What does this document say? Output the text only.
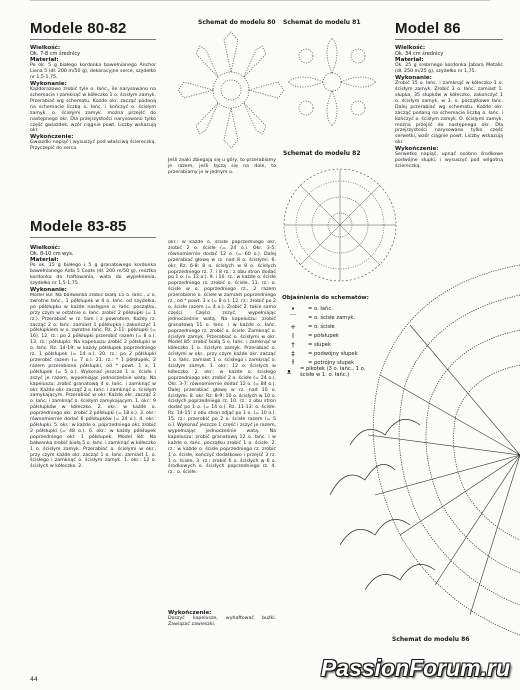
Modele 80-82
Wielkość:
Ok. 7-8 cm średnicy
Materiał:
Po ok. 5 g białego kordonka bawełnianego Anchor Liana 5 (dł. 200 m/50 g), dekoracyjne serce, szydełko nr 1,5-1,75.
Wykonanie:
Każdorazowo zrobić tyle o. łańc., ile narysowano na schemacie i zamknąć w kółeczko 1 o. ścisłym zamyk. Przerabiać wg schematu. Każde okr. zacząć podaną na schemacie liczbą o. łańc. i kończyć o. ścisłym zamyk. o. ścisłymi zamyk. można przejść do następnego okr. Dla przejrzystości narysowano tylko część gwiazdek, wzór ciągnie powt. Liczby wskazują okr.
Wykończenie:
Gwiazdki napiąć i wysuszyć pod właściwą ściereczką. Przyczepić do serca.
Modele 83-85
Wielkość:
Ok. 8-10 cm wys.
Materiał:
Po ok. 15 g białego i 5 g granatowego kordonka bawełnianego Aida 5 Coats (dł. 200 m/50 g), resztka kordonka do haftowania, wata do wypełnienia, szydełko nr 1,5-1,75.
Wykonanie:
Model 83: Na ballwanka zrobić białą 15 o. łańc., 2 o. zwrotne łańc., 1 półsłupek w 4 o. łańc. od szydełka, po półsłupku w każde następne o. łańc. początku, przy czym w ostatnie o. łańc. zrobić 2 półsłupki (= 1 rz.). Przerabiać w rz. tam i z powrotem. Każdy rz. zacząć 2 o. łańc. zamiast 1 półsłupka i zakończyć 1 półsłupkiem w o. zwrotne łańc. Rz. 2-11: półsłupki (= 16). 12. rz.: po 2 półsłupki przerobić razem (= 8 o.). 13. rz.: półsłupki. Na kapeluszu zrobić 2 półsłupki w o. łańc. Rz. 14-19: w każdy półsłupek poprzedniego rz. 1 półsłupek (= 14 o.). 20. rz.: po 2 półsłupki przerobić razem (= 7 o.). 21. rz.: * 1 półsłupek, 2 razem przerobione półsłupki, od * powt. 1 x, 1 półsłupek (= 5 o.). Wykonać jeszcze 1 o. ścisłe i zszyć je razem, wypełniając jednocześnie watą. Na kapeluszu: zrobić granatową 4 o. łańc. i zamknąć w okr. Każde okr. zacząć 2 o. łańc. i zamknąć o. ścisłym zamykającym. Przerabiać w okr. Każde okr. zacząć 2 o. łańc. i zamknąć o. ścisłym zamykającym. 1. okr.: 9 półsłupków w kółeczko. 2. okr.: w każde o. poprzedniego okr. zrobić 2 półsłupki (= 18 o.). 3. okr.: równomiernie dodać 6 półsłupków (= 24 o.). 4. okr.: półsłupki. 5. okr.: w każde o. poprzedniego okr. zrobić 2 półsłupki (= 48 o.). 6. okr.: w każdy półsłupek poprzedniego okr. 1 półsłupek. Model 84: Na bałwanka zrobić białą 5 o. łańc. i zamknąć w kółeczko 1 o. ścisłym zamyk. Przerabiać o. ścisłymi w okr., przy czym każde okr. zacząć 1 o. łańc. zamiast 1. o. ścisłego i zamknąć o. ścisłym zamyk. 1. okr.: 12 o. ścisłych w kółeczko. 2.
44
Jeśli znaki zbiegają się u góry, to przerabiamy je razem, jeśli łączą się na dole, to przerabiamy je w jednym o.
okr.: w każde o. ścisłe poprzedniego okr. zrobić 2 o. ścisłe (= 24 o.). Okr. 3-5: równomiernie dodać 12 o. (= 60 o.). Dalej przerabiać głowę w rz. nad 8 o. ścisłymi. 6. okr. Rz. 6-8: 8 o. ścisłych w 8 o. ścisłych poprzedniego rz. 7. i 8 rz.: z obu stron dodać po 1 o. (= 12 o.). 9. i 10. rz.: w każde o. ścisłe poprzedniego rz. zrobić o. ścisłe. 11. rz.: o. ścisłe w o. poprzedniego rz., 2 razem przerobione o. ścisłe w zamiast poprzedniego rz., od * powt. 3 x (= 8 o.). 12. rz.: zrobić po 2 o. ścisłe razem (= 4 o.). Zrobić 2. takie samo części. Części zszyć, wypełniając jednocześnie watą. Na kapeluszu: zrobić granatową 11 o. łańc. i w każde o. łańc. poprzedniego rz. zrobić o. ścisłe. Zamknąć o. ścisłym zamyk. Przerabiać o. ścisłymi w okr. Model 85: zrobić białą 5 o. łańc. i zamknąć w kółeczko 1 o. ścisłym zamyk. Przerabiać o. ścisłymi w okr., przy czym każde okr. zacząć 1 o. łańc. zamiast 1 o. ścisłego i zamknąć o. ścisłym zamyk. 1. okr.: 12 o. ścisłych w kółeczko. 2. okr.: w każde o. ścisłego poprzedniego okr. zrobić 2 o. ścisłe (= 24 o.). Okr. 3-7: równomiernie dodać 12 o. (= 84 o.). Dalej przerabiać głowę w rz. nad 10 o. ścisłymi. 8. okr. Rz. 8-9: 10 o. ścisłych w 10 o. ścisłych poprzedniego rz. 10. rz.: z obu stron dodać po 1 o. (= 14 o.). Rz. 11-13: o. ścisłe. Rz. 14-15: z obu stron zdjąć po 1 o. (= 10 o.). 15. rz.: przerobić po 2 o. ścisłe razem (= 5 o.). Wykonać jeszcze 1 część i zszyć je razem, wypełniając jednocześnie watą. Na kapeluszu: zrobić granatową 12 o. łańc. i w każde o. łańc. początku zrobić 1 o. ścisłe. 2. rz.: w każde o. ścisłe poprzedniego rz. zrobić 1 o. ścisłe, kończyć dodatkowo i przejść 3 rz. 1 o. ścisłe. 3. rz.: zrobić 6 o. ścisłych w 6 o. środkowych o. ścisłych poprzedniego rz. 4. rz.: o. ścisłe.
Wykończenie:
Doszyć kapelusze, wyhaftować buźki. Zawiązać zawieszki.
Schemat do modelu 80 Schemat do modelu 81
Schemat do modelu 82
Model 86
Wielkość:
Ok. 34 cm średnicy
Materiał:
Ok. 25 g srebrnego kordonka Jabara Metalic (dł. 250 m/25 g), szydełko nr 1,75.
Wykonanie:
Zrobić 15 o. łańc. i zamknąć w kółeczko 1 o. ścisłym zamyk. Zrobić 3 o. łańc. zamiast 1. słupka, 35 słupków w kółeczko, zakończyć 1 o. ścisłym zamyk. w 3. o. początkowe łańc. Dalej przerabiać wg schematu. Każde okr. zacząć podaną na schemacie liczbą o. łańc. i kończyć o. ścisłym zamyk. O. ścisłymi zamyk. można przejść do następnego okr. Dla przejrzystości narysowano tylko część serwetki, wzór ciągnie powt. Liczby wskazują okr.
Wykończenie:
Serwetkę napiąć, upnąć osobno środkowe podwójne słupki, i wysuszyć pod wilgotną ściereczką.
Objaśnienia do schematów:
•	= o. łańc.
⌒	= o. ścisłe zamyk.
+	= o. ścisłe
Ⅰ	= półsłupek
†	= słupek
‡	= podwójny słupek
⫲	= potrójny słupek
ᴥ	= pikotek (3 o. łańc., 1 o. ścisłe w 1. o. łańc.)
Schemat do modelu 86
PassionForum.ru
